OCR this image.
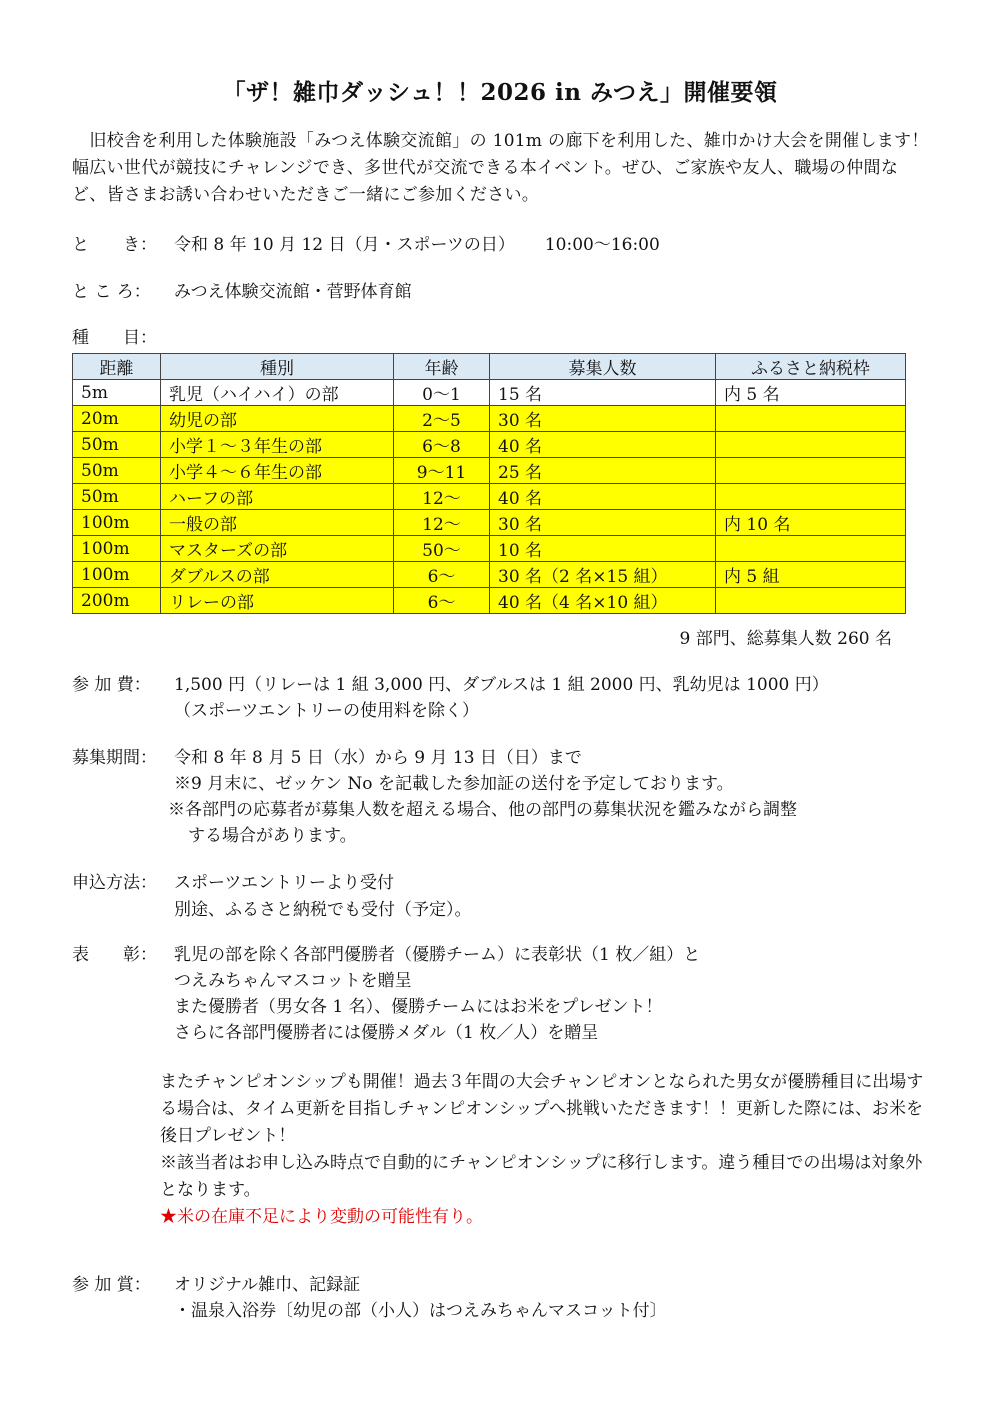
「ザ！雑巾ダッシュ！！2026 in みつえ」開催要領
 旧校舎を利用した体験施設「みつえ体験交流館」の 101m の廊下を利用した、雑巾かけ大会を開催します！幅広い世代が競技にチャレンジでき、多世代が交流できる本イベント。ぜひ、ご家族や友人、職場の仲間など、皆さまお誘い合わせいただきご一緒にご参加ください。
と　　き：	令和 8 年 10 月 12 日（月・スポーツの日） 10:00〜16:00
と こ ろ：	みつえ体験交流館・菅野体育館
種　　目：
距離	種別	年齢	募集人数	ふるさと納税枠
5m	乳児（ハイハイ）の部	0〜1	15 名	内 5 名
20m	幼児の部	2〜5	30 名	
50m	小学１〜３年生の部	6〜8	40 名	
50m	小学４〜６年生の部	9〜11	25 名	
50m	ハーフの部	12〜	40 名	
100m	一般の部	12〜	30 名	内 10 名
100m	マスターズの部	50〜	10 名	
100m	ダブルスの部	6〜	30 名（2 名×15 組）	内 5 組
200m	リレーの部	6〜	40 名（4 名×10 組）	
9 部門、総募集人数 260 名
参 加 費：	1,500 円（リレーは 1 組 3,000 円、ダブルスは 1 組 2000 円、乳幼児は 1000 円）
（スポーツエントリーの使用料を除く）
募集期間：	令和 8 年 8 月 5 日（水）から 9 月 13 日（日）まで
※9 月末に、ゼッケン No を記載した参加証の送付を予定しております。
※各部門の応募者が募集人数を超える場合、他の部門の募集状況を鑑みながら調整
する場合があります。
申込方法：	スポーツエントリーより受付
別途、ふるさと納税でも受付（予定）。
表　　彰：	乳児の部を除く各部門優勝者（優勝チーム）に表彰状（1 枚／組）と
つえみちゃんマスコットを贈呈
また優勝者（男女各 1 名）、優勝チームにはお米をプレゼント！
さらに各部門優勝者には優勝メダル（1 枚／人）を贈呈
またチャンピオンシップも開催！過去３年間の大会チャンピオンとなられた男女が優勝種目に出場する場合は、タイム更新を目指しチャンピオンシップへ挑戦いただきます！！更新した際には、お米を後日プレゼント！
※該当者はお申し込み時点で自動的にチャンピオンシップに移行します。違う種目での出場は対象外となります。
★米の在庫不足により変動の可能性有り。
参 加 賞：	オリジナル雑巾、記録証
・温泉入浴券〔幼児の部（小人）はつえみちゃんマスコット付〕
